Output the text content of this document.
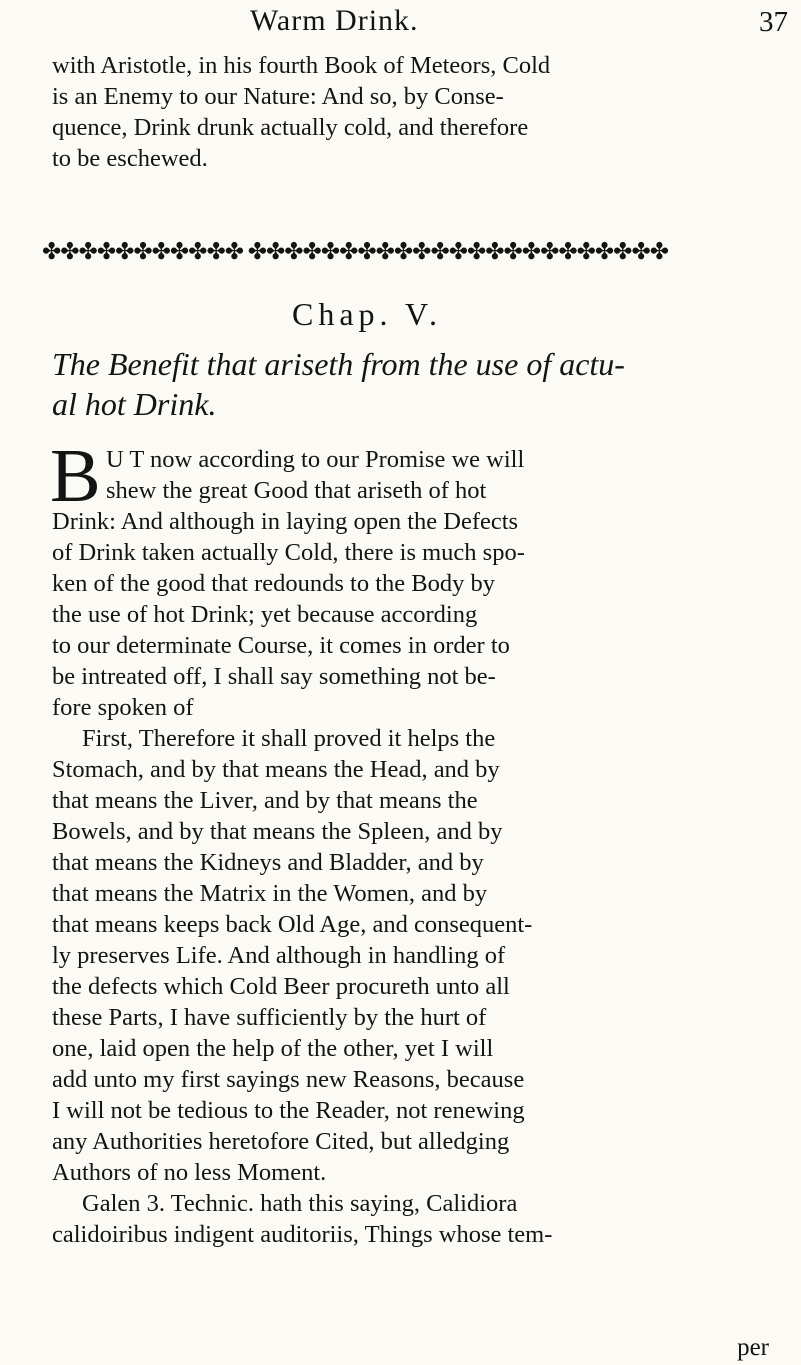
Warm Drink.	37
with Aristotle, in his fourth Book of Meteors, Cold
is an Enemy to our Nature: And so, by Conse-
quence, Drink drunk actually cold, and therefore
to be eschewed.
✤✤✤✤✤✤✤✤✤✤✤ ✤✤✤✤✤✤✤✤✤✤✤✤✤✤✤✤✤✤✤✤✤✤✤
Chap. V.
The Benefit that ariseth from the use of actu-
al hot Drink.
B U T now according to our Promise we will
shew the great Good that ariseth of hot
Drink: And although in laying open the Defects
of Drink taken actually Cold, there is much spo-
ken of the good that redounds to the Body by
the use of hot Drink; yet because according
to our determinate Course, it comes in order to
be intreated off, I shall say something not be-
fore spoken of
First, Therefore it shall proved it helps the
Stomach, and by that means the Head, and by
that means the Liver, and by that means the
Bowels, and by that means the Spleen, and by
that means the Kidneys and Bladder, and by
that means the Matrix in the Women, and by
that means keeps back Old Age, and consequent-
ly preserves Life. And although in handling of
the defects which Cold Beer procureth unto all
these Parts, I have sufficiently by the hurt of
one, laid open the help of the other, yet I will
add unto my first sayings new Reasons, because
I will not be tedious to the Reader, not renewing
any Authorities heretofore Cited, but alledging
Authors of no less Moment.
Galen 3. Technic. hath this saying, Calidiora
calidoiribus indigent auditoriis, Things whose tem-
per
